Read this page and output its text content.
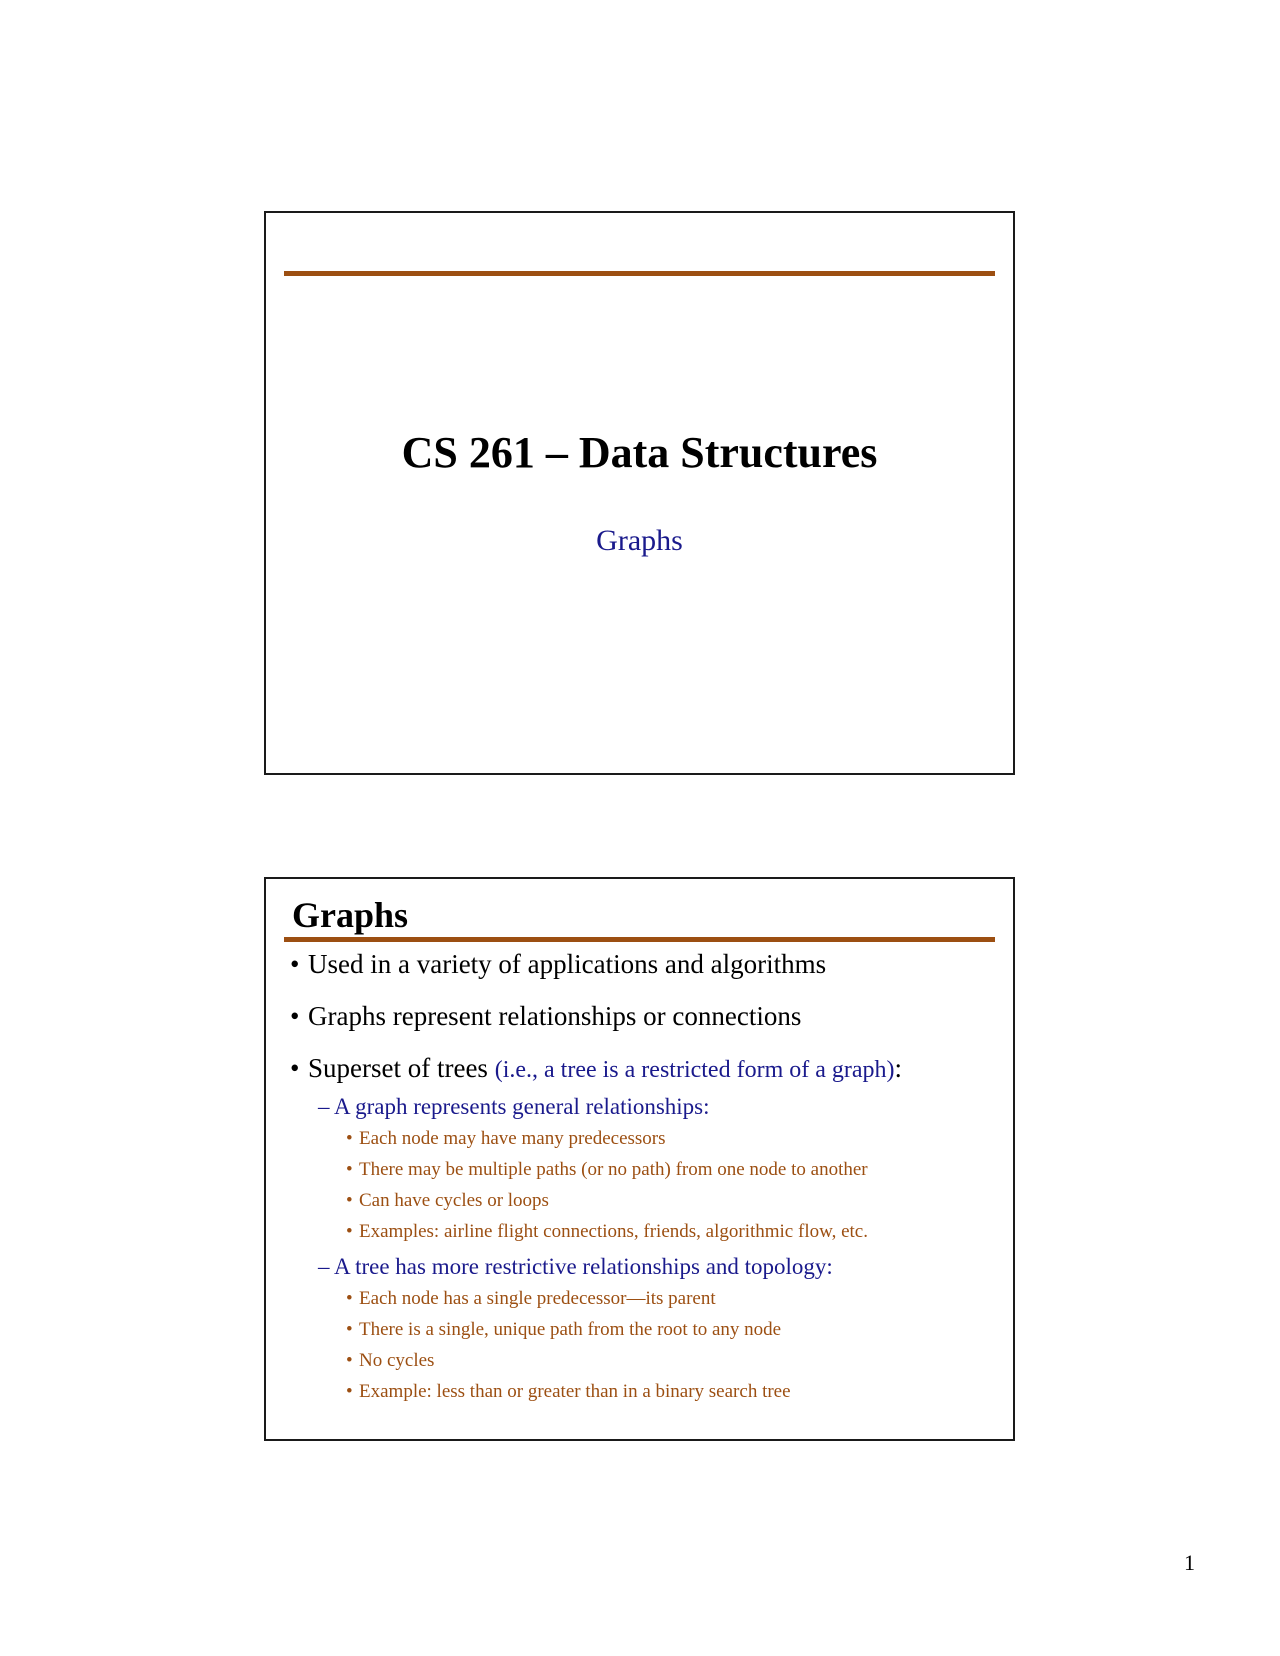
CS 261 – Data Structures
Graphs
Graphs
• Used in a variety of applications and algorithms
• Graphs represent relationships or connections
• Superset of trees (i.e., a tree is a restricted form of a graph):
– A graph represents general relationships:
• Each node may have many predecessors
• There may be multiple paths (or no path) from one node to another
• Can have cycles or loops
• Examples: airline flight connections, friends, algorithmic flow, etc.
– A tree has more restrictive relationships and topology:
• Each node has a single predecessor—its parent
• There is a single, unique path from the root to any node
• No cycles
• Example: less than or greater than in a binary search tree
1
